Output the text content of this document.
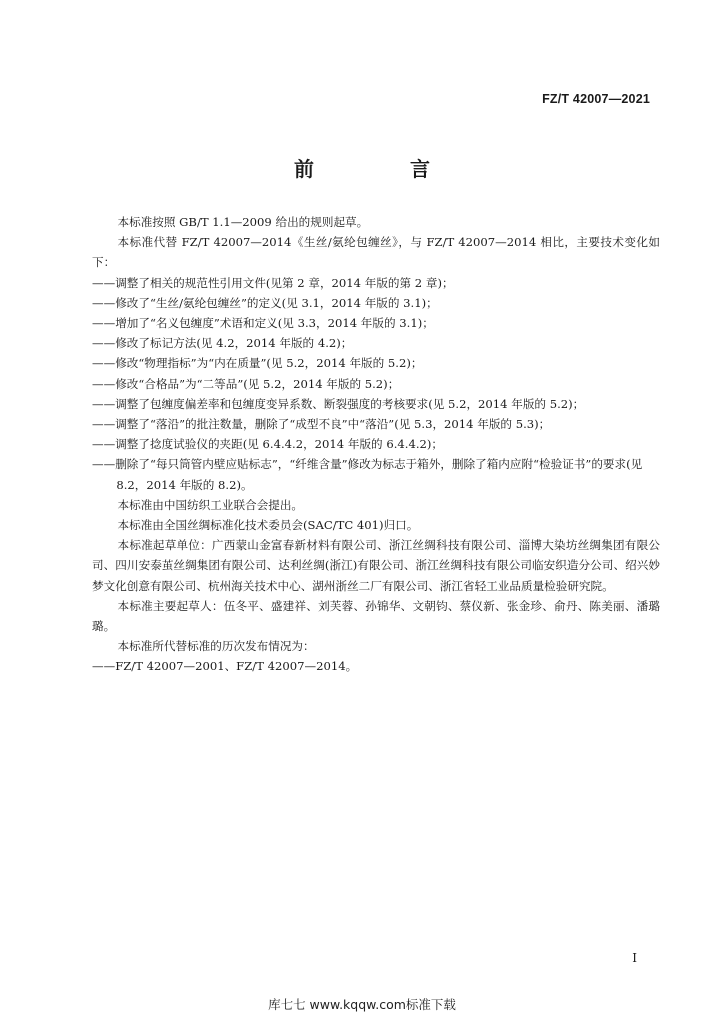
FZ/T 42007—2021
前　言

本标准按照 GB/T 1.1—2009 给出的规则起草。

本标准代替 FZ/T 42007—2014《生丝/氨纶包缠丝》，与 FZ/T 42007—2014 相比，主要技术变化如下：

——调整了相关的规范性引用文件(见第 2 章，2014 年版的第 2 章)；

——修改了“生丝/氨纶包缠丝”的定义(见 3.1，2014 年版的 3.1)；

——增加了“名义包缠度”术语和定义(见 3.3，2014 年版的 3.1)；

——修改了标记方法(见 4.2，2014 年版的 4.2)；

——修改“物理指标”为“内在质量”(见 5.2，2014 年版的 5.2)；

——修改“合格品”为“二等品”(见 5.2，2014 年版的 5.2)；

——调整了包缠度偏差率和包缠度变异系数、断裂强度的考核要求(见 5.2，2014 年版的 5.2)；

——调整了“落沿”的批注数量，删除了“成型不良”中“落沿”(见 5.3，2014 年版的 5.3)；

——调整了捻度试验仪的夹距(见 6.4.4.2，2014 年版的 6.4.4.2)；

——删除了“每只筒管内壁应贴标志”，“纤维含量”修改为标志于箱外，删除了箱内应附“检验证书”的要求(见 8.2，2014 年版的 8.2)。

本标准由中国纺织工业联合会提出。

本标准由全国丝绸标准化技术委员会(SAC/TC 401)归口。

本标准起草单位：广西蒙山金富春新材料有限公司、浙江丝绸科技有限公司、淄博大染坊丝绸集团有限公司、四川安泰茧丝绸集团有限公司、达利丝绸(浙江)有限公司、浙江丝绸科技有限公司临安织造分公司、绍兴妙梦文化创意有限公司、杭州海关技术中心、湖州浙丝二厂有限公司、浙江省轻工业品质量检验研究院。

本标准主要起草人：伍冬平、盛建祥、刘芙蓉、孙锦华、文朝钧、蔡仪新、张金珍、俞丹、陈美丽、潘璐璐。

本标准所代替标准的历次发布情况为：

——FZ/T 42007—2001、FZ/T 42007—2014。

I
库七七 www.kqqw.com标准下载
